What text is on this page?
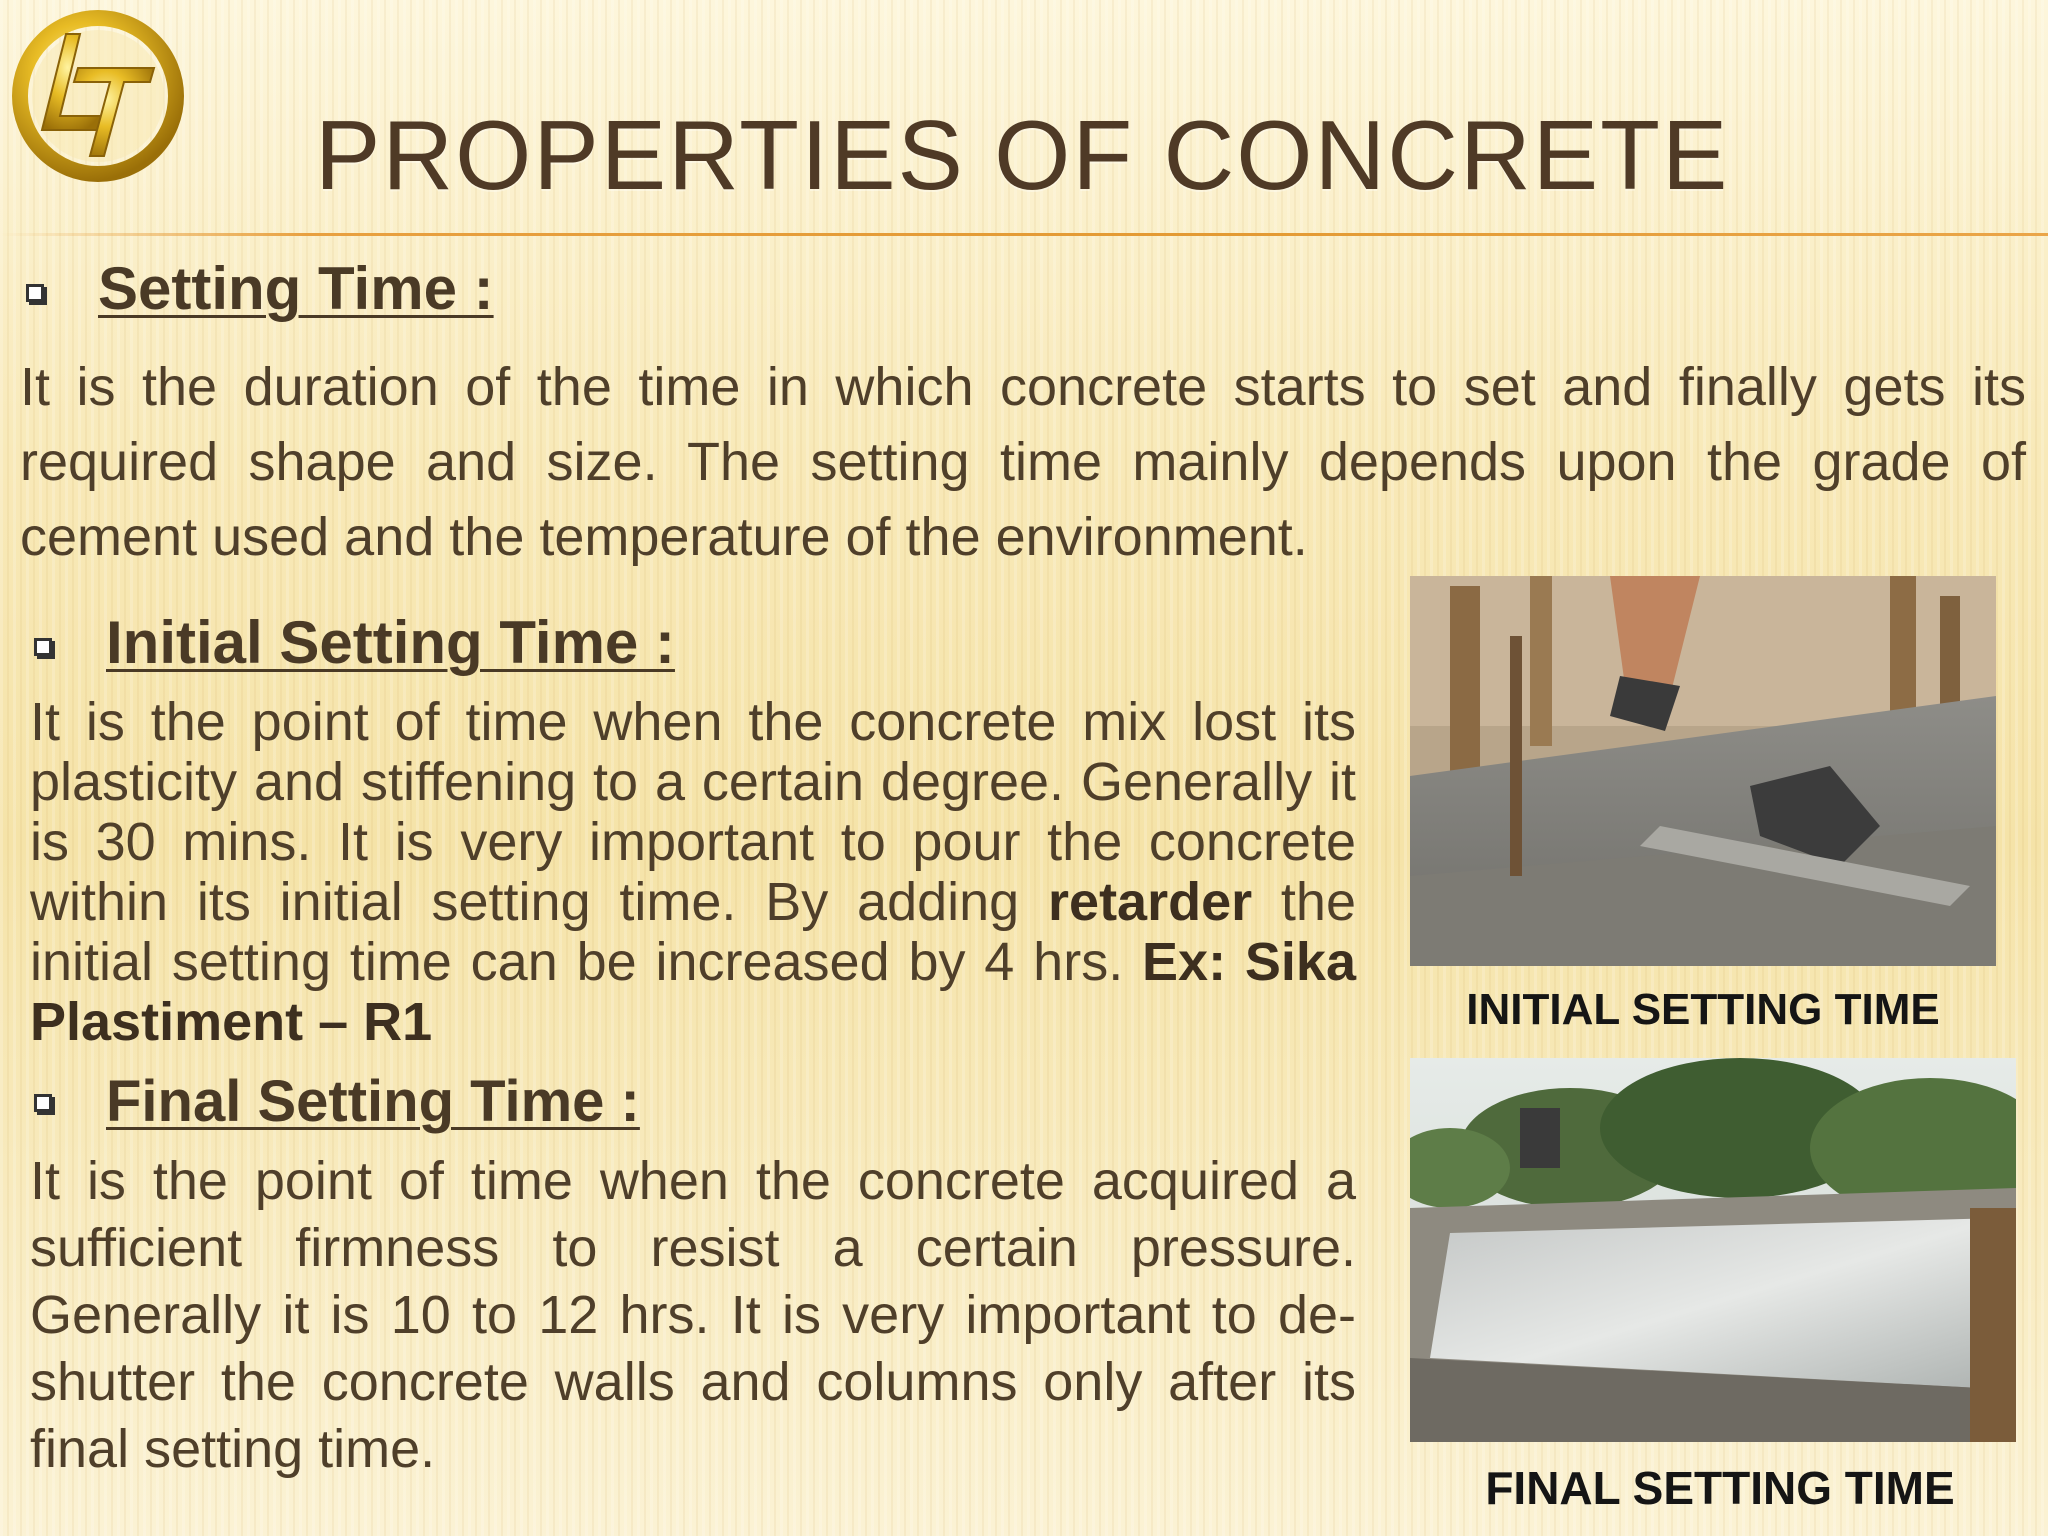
PROPERTIES OF CONCRETE
Setting Time :
It is the duration of the time in which concrete starts to set and finally gets its required shape and size. The setting time mainly depends upon the grade of cement used and the temperature of the environment.
Initial Setting Time :
It is the point of time when the concrete mix lost its plasticity and stiffening to a certain degree. Generally it is 30 mins. It is very important to pour the concrete within its initial setting time. By adding retarder the initial setting time can be increased by 4 hrs. Ex: Sika Plastiment – R1
Final Setting Time :
It is the point of time when the concrete acquired a sufficient firmness to resist a certain pressure. Generally it is 10 to 12 hrs. It is very important to de-shutter the concrete walls and columns only after its final setting time.
INITIAL SETTING TIME
FINAL SETTING TIME
